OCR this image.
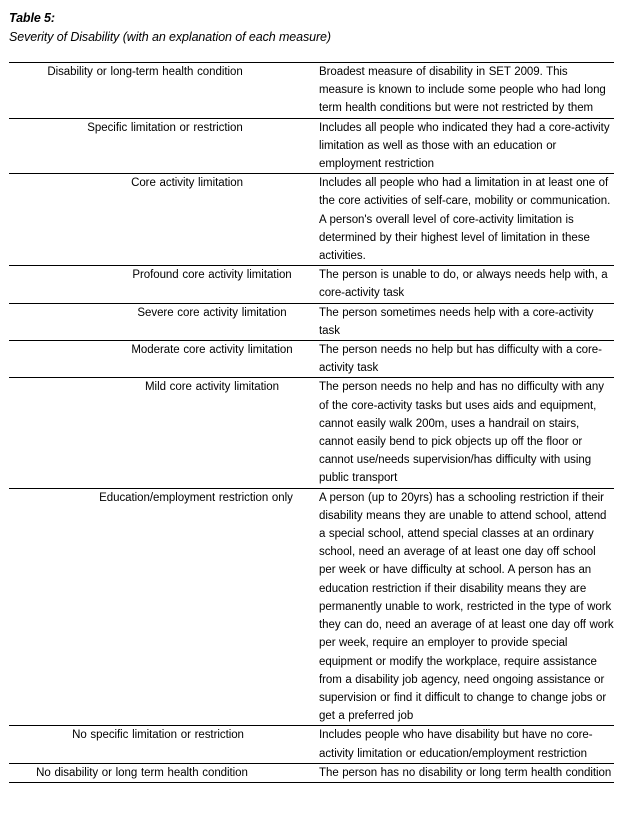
Table 5:
Severity of Disability (with an explanation of each measure)
Disability or long-term health condition	Broadest measure of disability in SET 2009. This measure is known to include some people who had long term health conditions but were not restricted by them

Specific limitation or restriction	Includes all people who indicated they had a core-activity limitation as well as those with an education or employment restriction

Core activity limitation	Includes all people who had a limitation in at least one of the core activities of self-care, mobility or communication. A person's overall level of core-activity limitation is determined by their highest level of limitation in these activities.

Profound core activity limitation	The person is unable to do, or always needs help with, a core-activity task

Severe core activity limitation	The person sometimes needs help with a core-activity task

Moderate core activity limitation	The person needs no help but has difficulty with a core-activity task

Mild core activity limitation	The person needs no help and has no difficulty with any of the core-activity tasks but uses aids and equipment, cannot easily walk 200m, uses a handrail on stairs, cannot easily bend to pick objects up off the floor or cannot use/needs supervision/has difficulty with using public transport

Education/employment restriction only	A person (up to 20yrs) has a schooling restriction if their disability means they are unable to attend school, attend a special school, attend special classes at an ordinary school, need an average of at least one day off school per week or have difficulty at school. A person has an education restriction if their disability means they are permanently unable to work, restricted in the type of work they can do, need an average of at least one day off work per week, require an employer to provide special equipment or modify the workplace, require assistance from a disability job agency, need ongoing assistance or supervision or find it difficult to change to change jobs or get a preferred job

No specific limitation or restriction	Includes people who have disability but have no core-activity limitation or education/employment restriction

No disability or long term health condition	The person has no disability or long term health condition
